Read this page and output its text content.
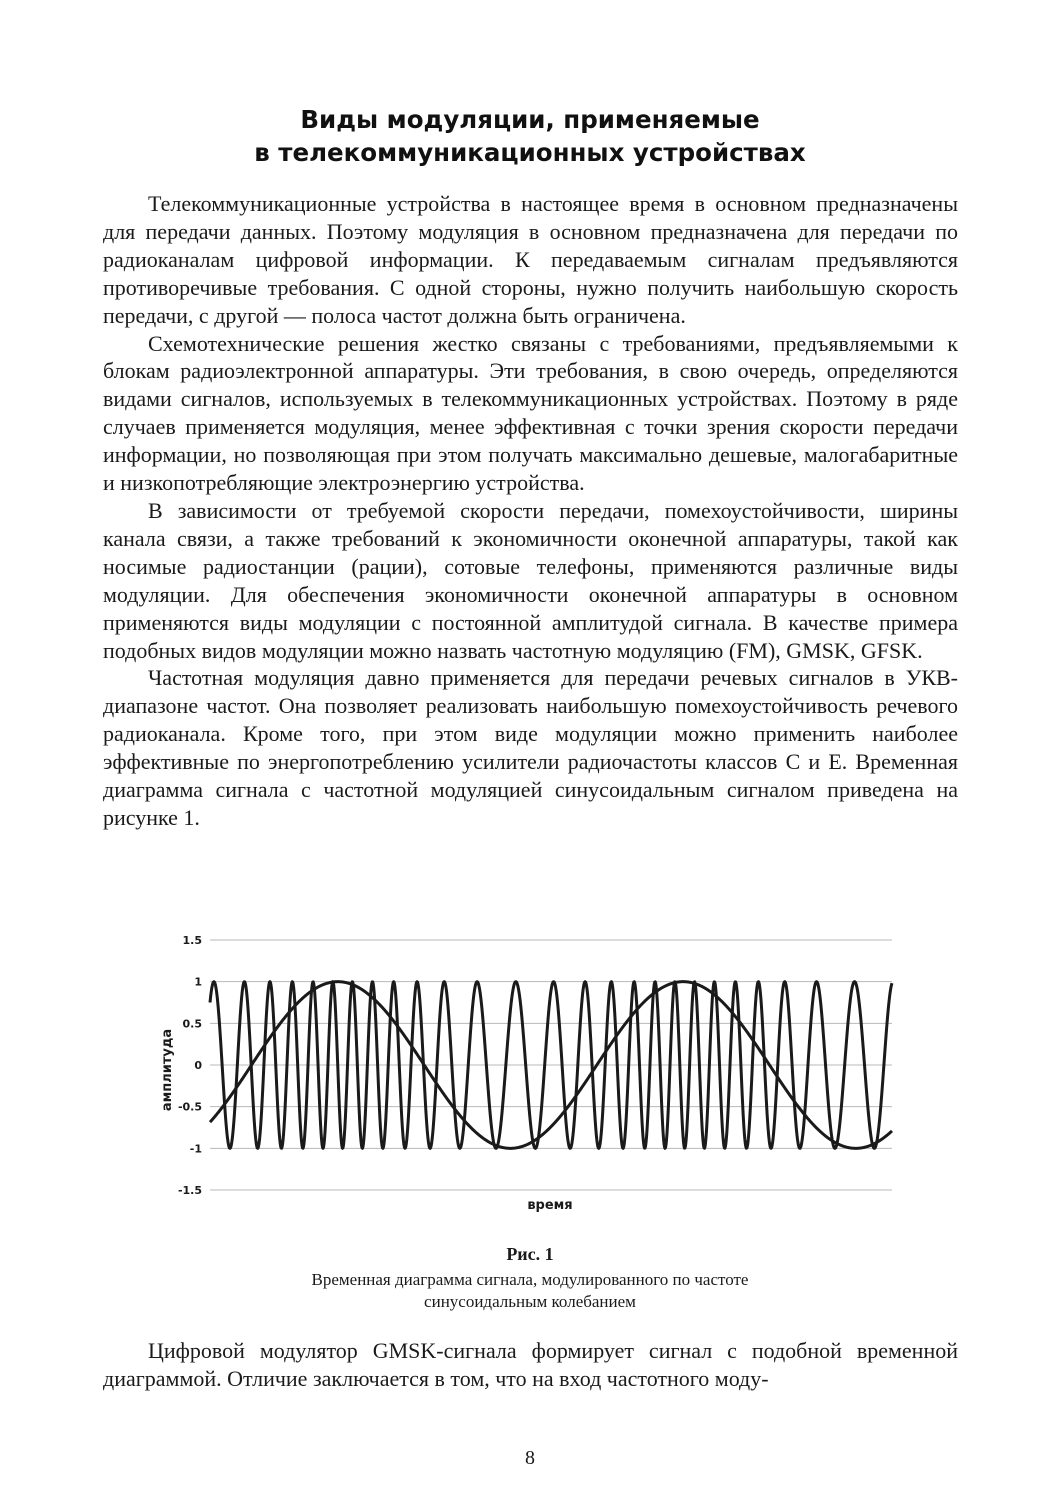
Виды модуляции, применяемые
в телекоммуникационных устройствах

Телекоммуникационные устройства в настоящее время в основном предназначены для передачи данных. Поэтому модуляция в основном предназначена для передачи по радиоканалам цифровой информации. К передаваемым сигналам предъявляются противоречивые требования. С одной стороны, нужно получить наибольшую скорость передачи, с другой — полоса частот должна быть ограничена.

Схемотехнические решения жестко связаны с требованиями, предъявляемыми к блокам радиоэлектронной аппаратуры. Эти требования, в свою очередь, определяются видами сигналов, используемых в телекоммуникационных устройствах. Поэтому в ряде случаев применяется модуляция, менее эффективная с точки зрения скорости передачи информации, но позволяющая при этом получать максимально дешевые, малогабаритные и низкопотребляющие электроэнергию устройства.

В зависимости от требуемой скорости передачи, помехоустойчивости, ширины канала связи, а также требований к экономичности оконечной аппаратуры, такой как носимые радиостанции (рации), сотовые телефоны, применяются различные виды модуляции. Для обеспечения экономичности оконечной аппаратуры в основном применяются виды модуляции с постоянной амплитудой сигнала. В качестве примера подобных видов модуляции можно назвать частотную модуляцию (FM), GMSK, GFSK.

Частотная модуляция давно применяется для передачи речевых сигналов в УКВ-диапазоне частот. Она позволяет реализовать наибольшую помехоустойчивость речевого радиоканала. Кроме того, при этом виде модуляции можно применить наиболее эффективные по энергопотреблению усилители радиочастоты классов С и Е. Временная диаграмма сигнала с частотной модуляцией синусоидальным сигналом приведена на рисунке 1.

1.5
1
0.5
0
-0.5
-1
-1.5
амплитуда
время
Рис. 1
Временная диаграмма сигнала, модулированного по частоте
синусоидальным колебанием

Цифровой модулятор GMSK-сигнала формирует сигнал с подобной временной диаграммой. Отличие заключается в том, что на вход частотного моду-

8
